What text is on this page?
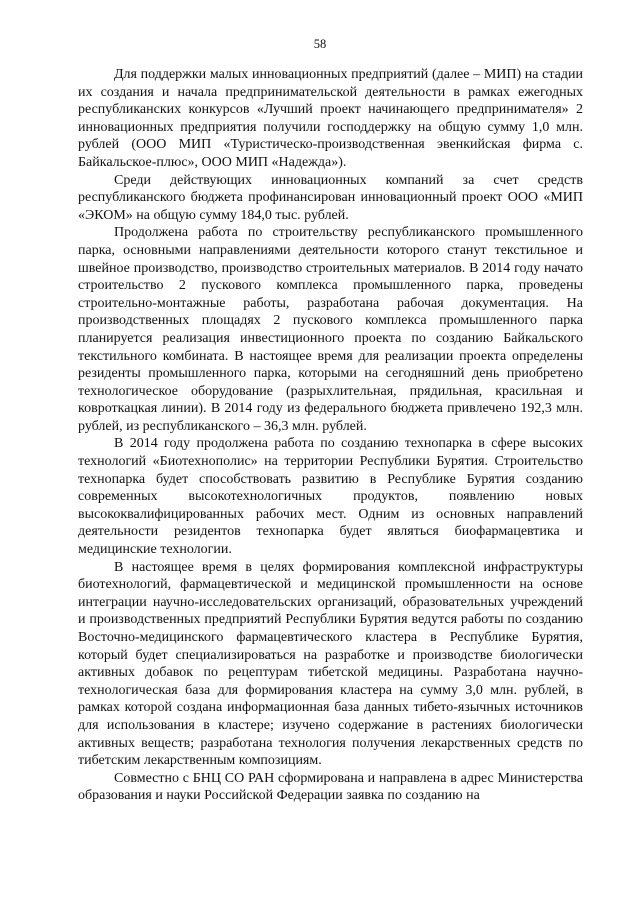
58

Для поддержки малых инновационных предприятий (далее – МИП) на стадии их создания и начала предпринимательской деятельности в рамках ежегодных республиканских конкурсов «Лучший проект начинающего предпринимателя» 2 инновационных предприятия получили господдержку на общую сумму 1,0 млн. рублей (ООО МИП «Туристическо-производственная эвенкийская фирма с. Байкальское-плюс», ООО МИП «Надежда»).

Среди действующих инновационных компаний за счет средств республиканского бюджета профинансирован инновационный проект ООО «МИП «ЭКОМ» на общую сумму 184,0 тыс. рублей.

Продолжена работа по строительству республиканского промышленного парка, основными направлениями деятельности которого станут текстильное и швейное производство, производство строительных материалов. В 2014 году начато строительство 2 пускового комплекса промышленного парка, проведены строительно-монтажные работы, разработана рабочая документация. На производственных площадях 2 пускового комплекса промышленного парка планируется реализация инвестиционного проекта по созданию Байкальского текстильного комбината. В настоящее время для реализации проекта определены резиденты промышленного парка, которыми на сегодняшний день приобретено технологическое оборудование (разрыхлительная, прядильная, красильная и ковроткацкая линии). В 2014 году из федерального бюджета привлечено 192,3 млн. рублей, из республиканского – 36,3 млн. рублей.

В 2014 году продолжена работа по созданию технопарка в сфере высоких технологий «Биотехнополис» на территории Республики Бурятия. Строительство технопарка будет способствовать развитию в Республике Бурятия созданию современных высокотехнологичных продуктов, появлению новых высококвалифицированных рабочих мест. Одним из основных направлений деятельности резидентов технопарка будет являться биофармацевтика и медицинские технологии.

В настоящее время в целях формирования комплексной инфраструктуры биотехнологий, фармацевтической и медицинской промышленности на основе интеграции научно-исследовательских организаций, образовательных учреждений и производственных предприятий Республики Бурятия ведутся работы по созданию Восточно-медицинского фармацевтического кластера в Республике Бурятия, который будет специализироваться на разработке и производстве биологически активных добавок по рецептурам тибетской медицины. Разработана научно-технологическая база для формирования кластера на сумму 3,0 млн. рублей, в рамках которой создана информационная база данных тибето-язычных источников для использования в кластере; изучено содержание в растениях биологически активных веществ; разработана технология получения лекарственных средств по тибетским лекарственным композициям.

Совместно с БНЦ СО РАН сформирована и направлена в адрес Министерства образования и науки Российской Федерации заявка по созданию на
